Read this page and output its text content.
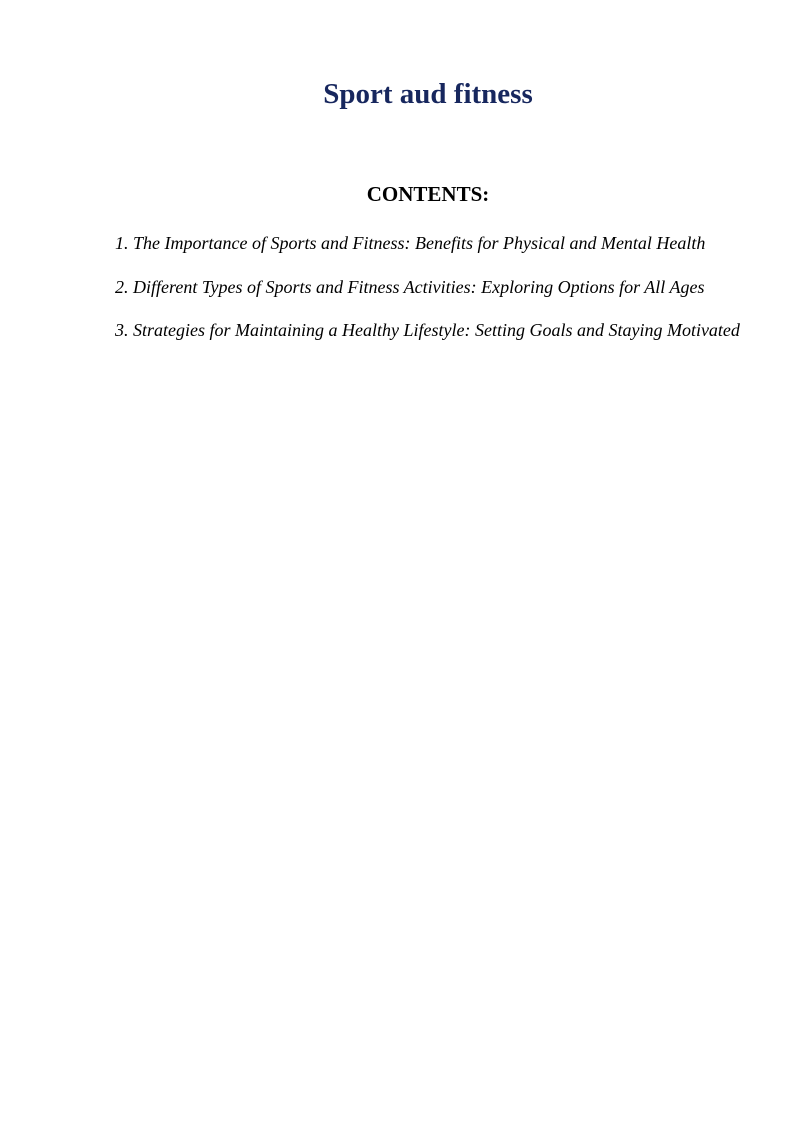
Sport aud fitness
CONTENTS:
1. The Importance of Sports and Fitness: Benefits for Physical and Mental Health
2. Different Types of Sports and Fitness Activities: Exploring Options for All Ages
3. Strategies for Maintaining a Healthy Lifestyle: Setting Goals and Staying Motivated
